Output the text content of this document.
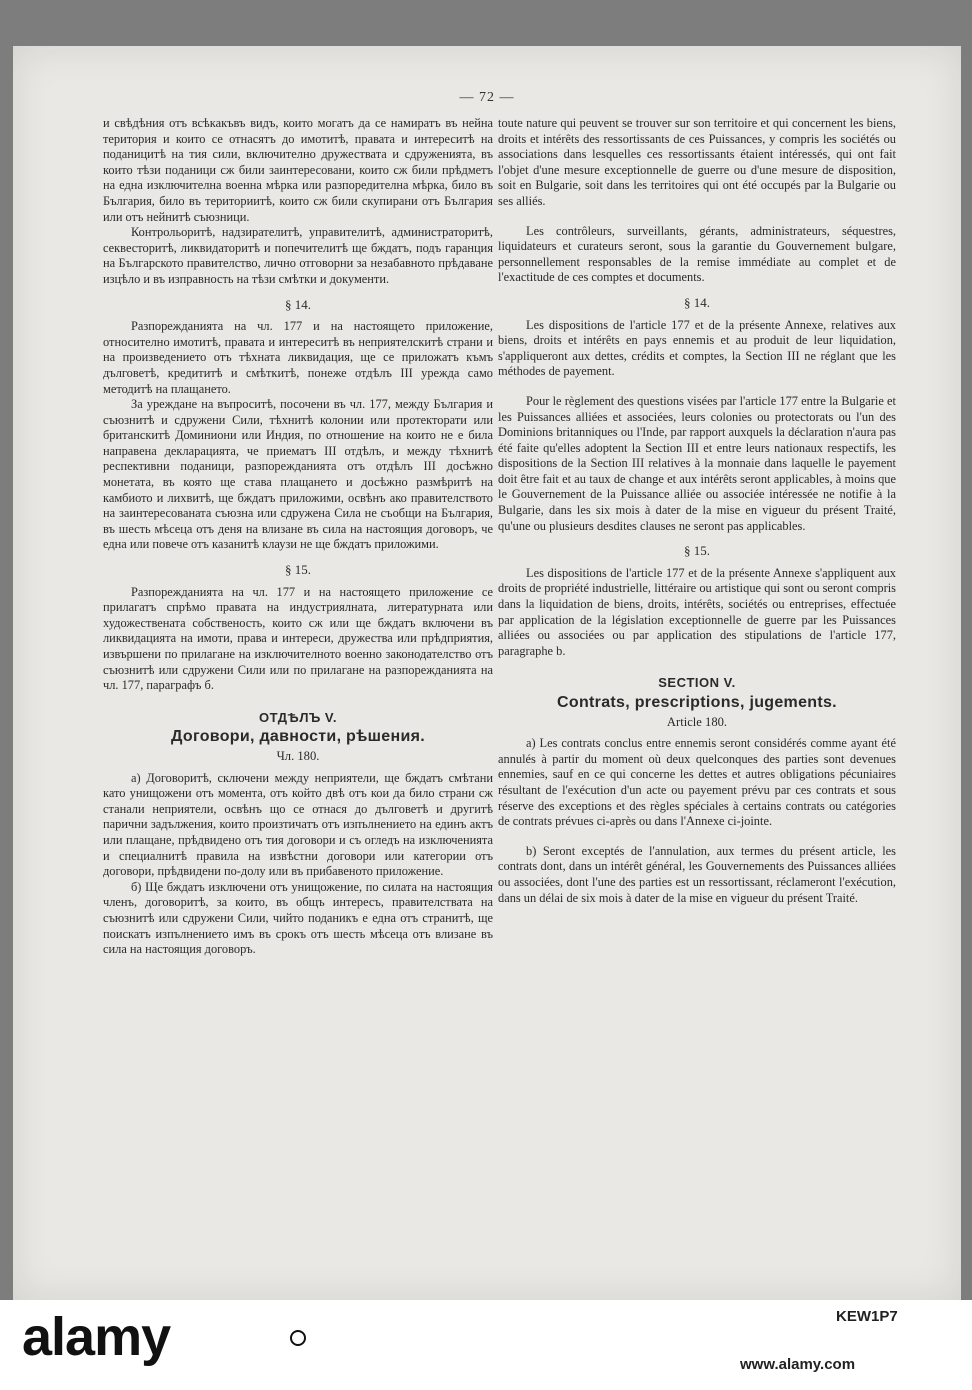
— 72 —

и свѣдѣния отъ всѣкакъвъ видъ, които могатъ да се намиратъ въ нейна територия и които се отнасятъ до имотитѣ, правата и интереситѣ на поданицитѣ на тия сили, включително дружествата и сдруженията, въ които тѣзи поданици сж били заинтересовани, които сж били прѣдметъ на една изключителна военна мѣрка или разпоредителна мѣрка, било въ България, било въ териториитѣ, които сж били скупирани отъ България или отъ нейнитѣ съюзници.

Контрольоритѣ, надзирателитѣ, управителитѣ, администраторитѣ, секвесторитѣ, ликвидаторитѣ и попечителитѣ ще бждатъ, подъ гаранция на Българското правителство, лично отговорни за незабавното прѣдаване изцѣло и въ изправность на тѣзи смѣтки и документи.

§ 14.

Разпорежданията на чл. 177 и на настоящето приложение, относително имотитѣ, правата и интереситѣ въ неприятелскитѣ страни и на произведението отъ тѣхната ликвидация, ще се приложатъ къмъ дълговетѣ, кредититѣ и смѣткитѣ, понеже отдѣлъ III урежда само методитѣ на плащането.

За уреждане на въпроситѣ, посочени въ чл. 177, между България и съюзнитѣ и сдружени Сили, тѣхнитѣ колонии или протекторати или британскитѣ Доминиони или Индия, по отношение на които не е била направена декларацията, че приематъ III отдѣлъ, и между тѣхнитѣ респективни поданици, разпорежданията отъ отдѣлъ III досѣжно монетата, въ която ще става плащането и досѣжно размѣритѣ на камбиото и лихвитѣ, ще бждатъ приложими, освѣнъ ако правителството на заинтересованата съюзна или сдружена Сила не съобщи на България, въ шесть мѣсеца отъ деня на влизане въ сила на настоящия договоръ, че една или повече отъ казанитѣ клаузи не ще бждатъ приложими.

§ 15.

Разпорежданията на чл. 177 и на настоящето приложение се прилагатъ спрѣмо правата на индустриялната, литературната или художествената собственость, които сж или ще бждатъ включени въ ликвидацията на имоти, права и интереси, дружества или прѣдприятия, извършени по прилагане на изключителното военно законодателство отъ съюзнитѣ или сдружени Сили или по прилагане на разпорежданията на чл. 177, параграфъ б.

ОТДѢЛЪ V.
Договори, давности, рѣшения.
Чл. 180.

а) Договоритѣ, сключени между неприятели, ще бждатъ смѣтани като унищожени отъ момента, отъ който двѣ отъ кои да било страни сж станали неприятели, освѣнъ що се отнася до дълговетѣ и другитѣ парични задължения, които произтичатъ отъ изпълнението на единъ актъ или плащане, прѣдвидено отъ тия договори и съ огледъ на изключенията и специалнитѣ правила на извѣстни договори или категории отъ договори, прѣдвидени по-долу или въ прибавеното приложение.

б) Ще бждатъ изключени отъ унищожение, по силата на настоящия членъ, договоритѣ, за които, въ общъ интересъ, правителствата на съюзнитѣ или сдружени Сили, чийто поданикъ е една отъ странитѣ, ще поискатъ изпълнението имъ въ срокъ отъ шесть мѣсеца отъ влизане въ сила на настоящия договоръ.

toute nature qui peuvent se trouver sur son territoire et qui concernent les biens, droits et intérêts des ressortissants de ces Puissances, y compris les sociétés ou associations dans lesquelles ces ressortissants étaient intéressés, qui ont fait l'objet d'une mesure exceptionnelle de guerre ou d'une mesure de disposition, soit en Bulgarie, soit dans les territoires qui ont été occupés par la Bulgarie ou ses alliés.

Les contrôleurs, surveillants, gérants, administrateurs, séquestres, liquidateurs et curateurs seront, sous la garantie du Gouvernement bulgare, personnellement responsables de la remise immédiate au complet et de l'exactitude de ces comptes et documents.

§ 14.

Les dispositions de l'article 177 et de la présente Annexe, relatives aux biens, droits et intérêts en pays ennemis et au produit de leur liquidation, s'appliqueront aux dettes, crédits et comptes, la Section III ne réglant que les méthodes de payement.

Pour le règlement des questions visées par l'article 177 entre la Bulgarie et les Puissances alliées et associées, leurs colonies ou protectorats ou l'un des Dominions britanniques ou l'Inde, par rapport auxquels la déclaration n'aura pas été faite qu'elles adoptent la Section III et entre leurs nationaux respectifs, les dispositions de la Section III relatives à la monnaie dans laquelle le payement doit être fait et au taux de change et aux intérêts seront applicables, à moins que le Gouvernement de la Puissance alliée ou associée intéressée ne notifie à la Bulgarie, dans les six mois à dater de la mise en vigueur du présent Traité, qu'une ou plusieurs desdites clauses ne seront pas applicables.

§ 15.

Les dispositions de l'article 177 et de la présente Annexe s'appliquent aux droits de propriété industrielle, littéraire ou artistique qui sont ou seront compris dans la liquidation de biens, droits, intérêts, sociétés ou entreprises, effectuée par application de la législation exceptionnelle de guerre par les Puissances alliées ou associées ou par application des stipulations de l'article 177, paragraphe b.

SECTION V.
Contrats, prescriptions, jugements.
Article 180.

a) Les contrats conclus entre ennemis seront considérés comme ayant été annulés à partir du moment où deux quelconques des parties sont devenues ennemies, sauf en ce qui concerne les dettes et autres obligations pécuniaires résultant de l'exécution d'un acte ou payement prévu par ces contrats et sous réserve des exceptions et des règles spéciales à certains contrats ou catégories de contrats prévues ci-après ou dans l'Annexe ci-jointe.

b) Seront exceptés de l'annulation, aux termes du présent article, les contrats dont, dans un intérêt général, les Gouvernements des Puissances alliées ou associées, dont l'une des parties est un ressortissant, réclameront l'exécution, dans un délai de six mois à dater de la mise en vigueur du présent Traité.

alamy	KEW1P7
www.alamy.com
